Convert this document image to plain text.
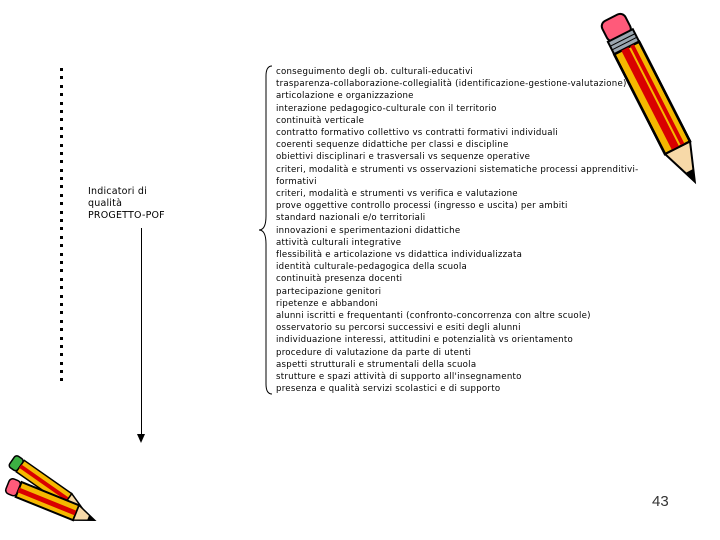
Indicatori di
qualità
PROGETTO-POF
conseguimento degli ob. culturali-educativi
trasparenza-collaborazione-collegialità (identificazione-gestione-valutazione)
articolazione e organizzazione
interazione pedagogico-culturale con il territorio
continuità verticale
contratto formativo collettivo vs contratti formativi individuali
coerenti sequenze didattiche per classi e discipline
obiettivi disciplinari e trasversali vs sequenze operative
criteri, modalità e strumenti vs osservazioni sistematiche processi apprenditivi-
formativi
criteri, modalità e strumenti vs verifica e valutazione
prove oggettive controllo processi (ingresso e uscita) per ambiti
standard nazionali e/o territoriali
innovazioni e sperimentazioni didattiche
attività culturali integrative
flessibilità e articolazione vs didattica individualizzata
identità culturale-pedagogica della scuola
continuità presenza docenti
partecipazione genitori
ripetenze e abbandoni
alunni iscritti e frequentanti (confronto-concorrenza con altre scuole)
osservatorio su percorsi successivi e esiti degli alunni
individuazione interessi, attitudini e potenzialità vs orientamento
procedure di valutazione da parte di utenti
aspetti strutturali e strumentali della scuola
strutture e spazi attività di supporto all'insegnamento
presenza e qualità servizi scolastici e di supporto
43
